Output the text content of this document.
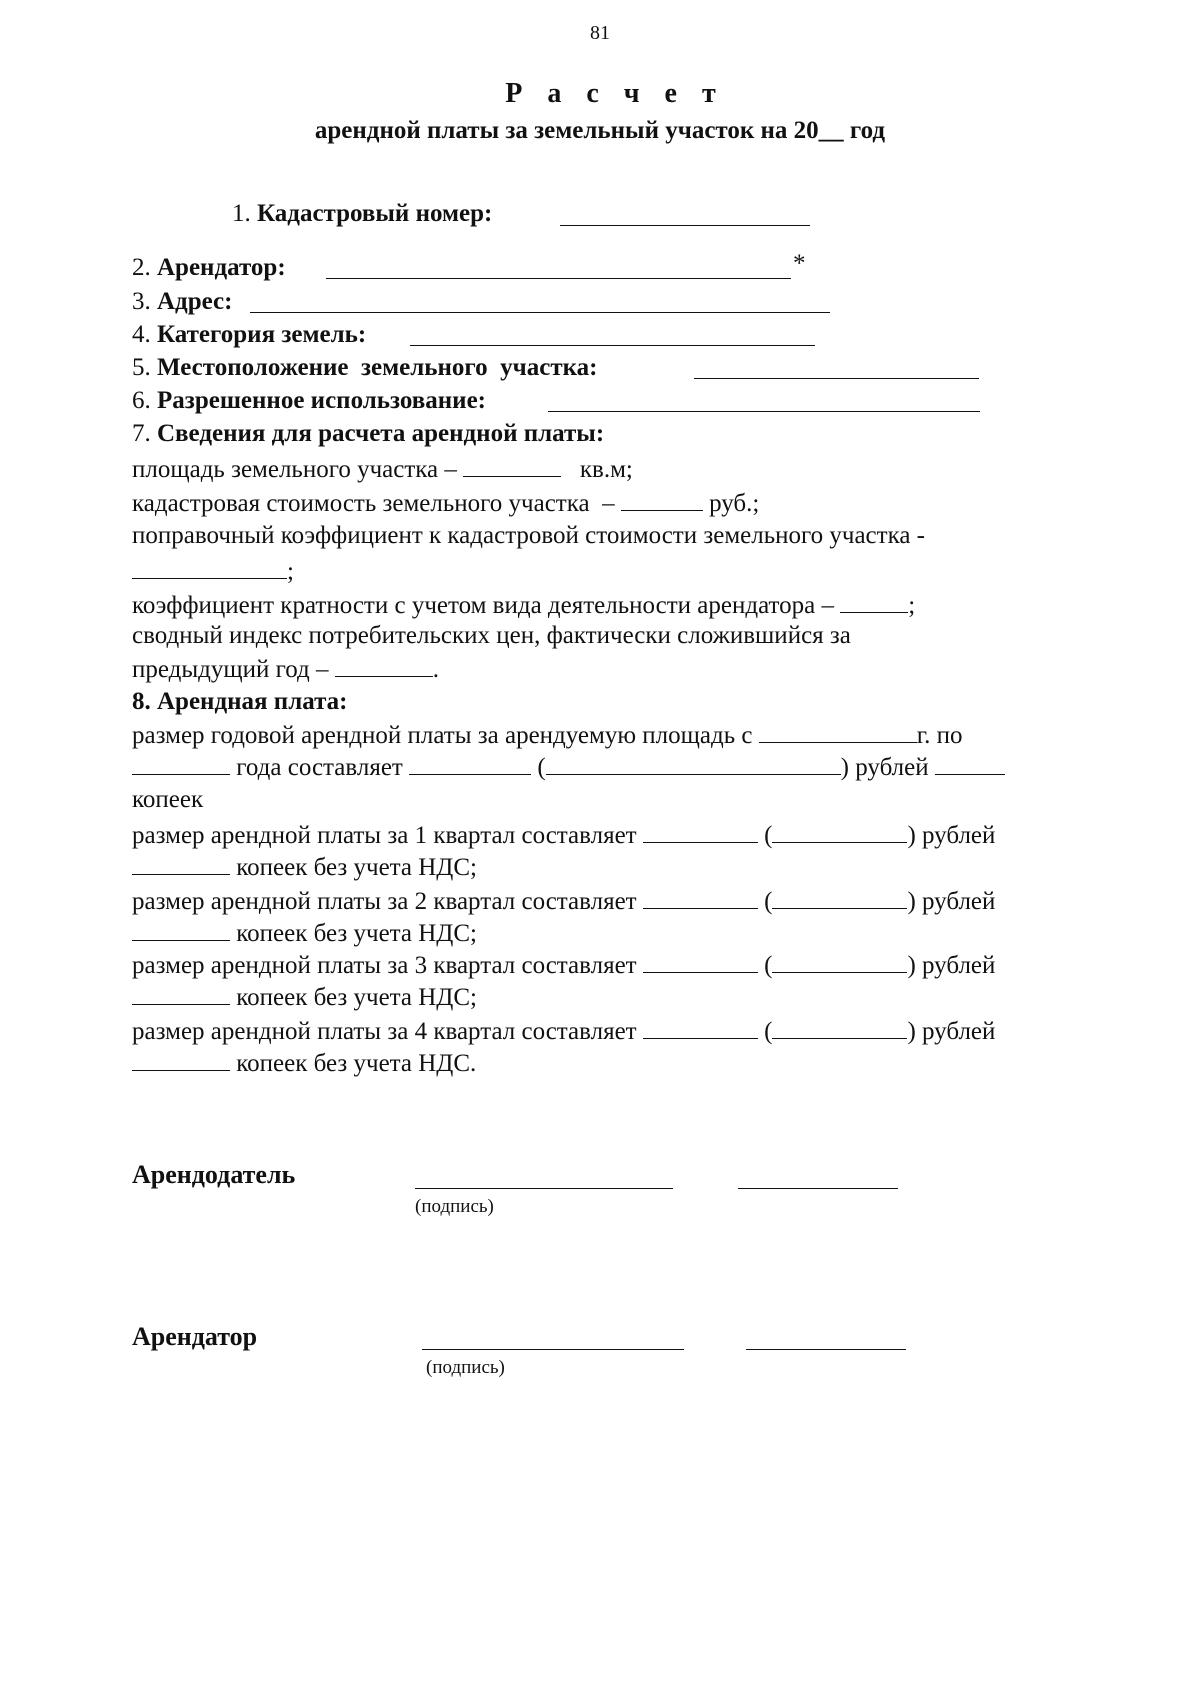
81
Р а с ч е т
арендной платы за земельный участок на 20__ год
1. Кадастровый номер:
2. Арендатор:	*
3. Адрес:
4. Категория земель:
5. Местоположение  земельного  участка:
6. Разрешенное использование:
7. Сведения для расчета арендной платы:
площадь земельного участка –	кв.м;
кадастровая стоимость земельного участка  –	руб.;
поправочный коэффициент к кадастровой стоимости земельного участка -
;
коэффициент кратности с учетом вида деятельности арендатора –	;
сводный индекс потребительских цен, фактически сложившийся за
предыдущий год –	.
8. Арендная плата:
размер годовой арендной платы за арендуемую площадь с	г. по
года составляет	(	) рублей
копеек
размер арендной платы за 1 квартал составляет	(	) рублей
копеек без учета НДС;
размер арендной платы за 2 квартал составляет	(	) рублей
копеек без учета НДС;
размер арендной платы за 3 квартал составляет	(	) рублей
копеек без учета НДС;
размер арендной платы за 4 квартал составляет	(	) рублей
копеек без учета НДС.
Арендодатель
(подпись)
Арендатор
(подпись)
